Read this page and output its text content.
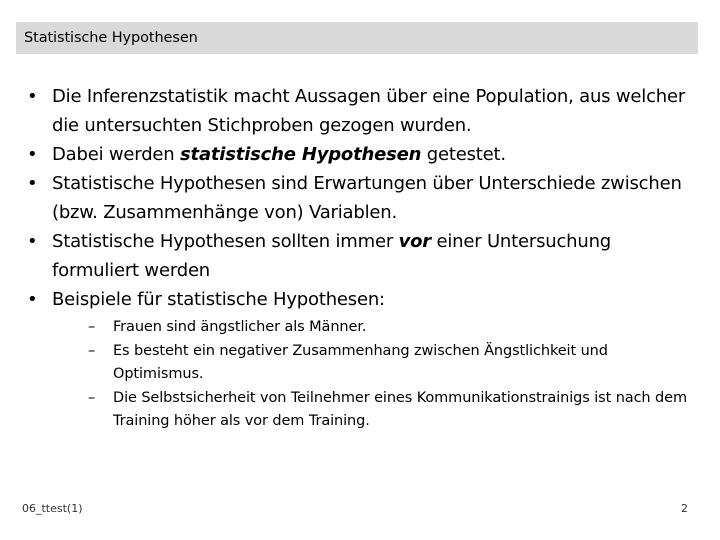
Statistische Hypothesen
• Die Inferenzstatistik macht Aussagen über eine Population, aus welcher die untersuchten Stichproben gezogen wurden.
• Dabei werden statistische Hypothesen getestet.
• Statistische Hypothesen sind Erwartungen über Unterschiede zwischen (bzw. Zusammenhänge von) Variablen.
• Statistische Hypothesen sollten immer vor einer Untersuchung formuliert werden
• Beispiele für statistische Hypothesen:
– Frauen sind ängstlicher als Männer.
– Es besteht ein negativer Zusammenhang zwischen Ängstlichkeit und Optimismus.
– Die Selbstsicherheit von Teilnehmer eines Kommunikationstrainigs ist nach dem Training höher als vor dem Training.
06_ttest(1)	2
